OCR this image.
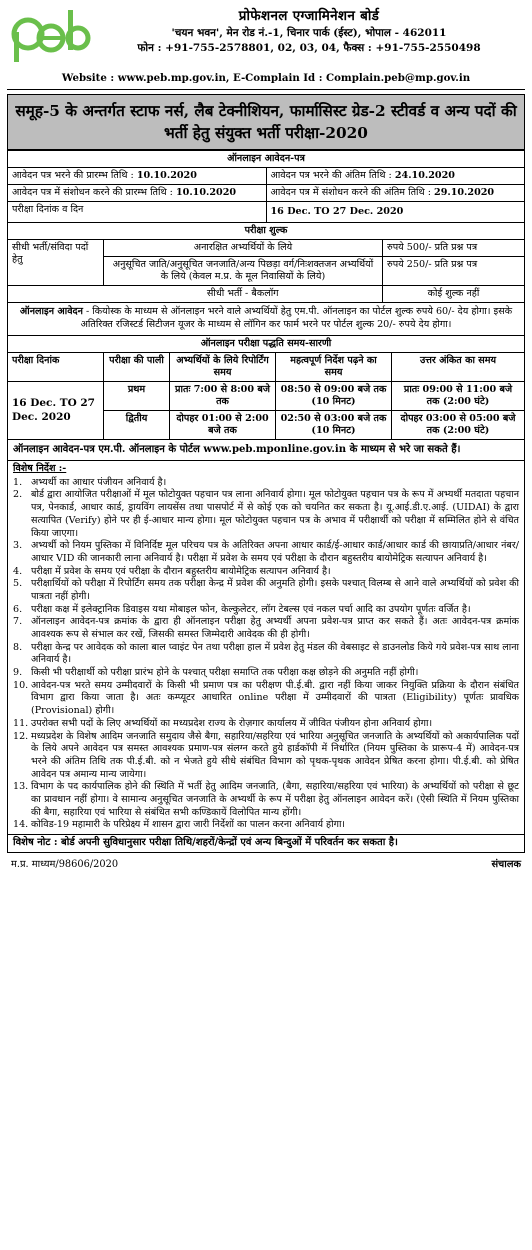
प्रोफेशनल एग्जामिनेशन बोर्ड
'चयन भवन', मेन रोड नं.-1, चिनार पार्क (ईस्ट), भोपाल - 462011
फोन : +91-755-2578801, 02, 03, 04, फैक्स : +91-755-2550498
Website : www.peb.mp.gov.in, E-Complain Id : Complain.peb@mp.gov.in
समूह-5 के अन्तर्गत स्टाफ नर्स, लैब टेक्नीशियन, फार्मासिस्ट ग्रेड-2 स्टीवर्ड व अन्य पदों की भर्ती हेतु संयुक्त भर्ती परीक्षा-2020
ऑनलाइन आवेदन-पत्र	
आवेदन पत्र भरने की प्रारम्भ तिथि : 10.10.2020	आवेदन पत्र भरने की अंतिम तिथि : 24.10.2020
आवेदन पत्र में संशोधन करने की प्रारम्भ तिथि : 10.10.2020	आवेदन पत्र में संशोधन करने की अंतिम तिथि : 29.10.2020
परीक्षा दिनांक व दिन	16 Dec. TO 27 Dec. 2020
परीक्षा शुल्क		
सीधी भर्ती/संविदा पदों हेतु	अनारक्षित अभ्यर्थियों के लिये	रुपये 500/- प्रति प्रश्न पत्र
	अनुसूचित जाति/अनुसूचित जनजाति/अन्य पिछड़ा वर्ग/निःशक्तजन अभ्यर्थियों के लिये (केवल म.प्र. के मूल निवासियों के लिये)	रुपये 250/- प्रति प्रश्न पत्र
	सीधी भर्ती - बैकलॉग	कोई शुल्क नहीं
ऑनलाइन आवेदन - कियोस्क के माध्यम से ऑनलाइन भरने वाले अभ्यर्थियों हेतु एम.पी. ऑनलाइन का पोर्टल शुल्क रुपये 60/- देय होगा। इसके अतिरिक्त रजिस्टर्ड सिटीजन यूजर के माध्यम से लॉगिन कर फार्म भरने पर पोर्टल शुल्क 20/- रुपये देय होगा।
ऑनलाइन परीक्षा पद्धति समय-सारणी				
परीक्षा दिनांक	परीक्षा की पाली	अभ्यर्थियों के लिये रिपोर्टिंग समय	महत्वपूर्ण निर्देश पढ़ने का समय	उत्तर अंकित का समय
16 Dec. TO 27 Dec. 2020	प्रथम	प्रातः 7:00 से 8:00 बजे तक	08:50 से 09:00 बजे तक (10 मिनट)	प्रातः 09:00 से 11:00 बजे तक (2:00 घंटे)
	द्वितीय	दोपहर 01:00 से 2:00 बजे तक	02:50 से 03:00 बजे तक (10 मिनट)	दोपहर 03:00 से 05:00 बजे तक (2:00 घंटे)
ऑनलाइन आवेदन-पत्र एम.पी. ऑनलाइन के पोर्टल www.peb.mponline.gov.in के माध्यम से भरे जा सकते हैं।
विशेष निर्देश :-
1. अभ्यर्थी का आधार पंजीयन अनिवार्य है।
2. बोर्ड द्वारा आयोजित परीक्षाओं में मूल फोटोयुक्त पहचान पत्र लाना अनिवार्य होगा। मूल फोटोयुक्त पहचान पत्र के रूप में अभ्यर्थी मतदाता पहचान पत्र, पेनकार्ड, आधार कार्ड, ड्रायविंग लायसेंस तथा पासपोर्ट में से कोई एक को चयनित कर सकता है। यू.आई.डी.ए.आई. (UIDAI) के द्वारा सत्यापित (Verify) होने पर ही ई-आधार मान्य होगा। मूल फोटोयुक्त पहचान पत्र के अभाव में परीक्षार्थी को परीक्षा में सम्मिलित होने से वंचित किया जाएगा।
3. अभ्यर्थी को नियम पुस्तिका में विनिर्दिष्ट मूल परिचय पत्र के अतिरिक्त अपना आधार कार्ड/ई-आधार कार्ड/आधार कार्ड की छायाप्रति/आधार नंबर/आधार VID की जानकारी लाना अनिवार्य है। परीक्षा में प्रवेश के समय एवं परीक्षा के दौरान बहुस्तरीय बायोमेट्रिक सत्यापन अनिवार्य है।
4. परीक्षा में प्रवेश के समय एवं परीक्षा के दौरान बहुस्तरीय बायोमेट्रिक सत्यापन अनिवार्य है।
5. परीक्षार्थियों को परीक्षा में रिपोर्टिंग समय तक परीक्षा केन्द्र में प्रवेश की अनुमति होगी। इसके पश्चात् विलम्ब से आने वाले अभ्यर्थियों को प्रवेश की पात्रता नहीं होगी।
6. परीक्षा कक्ष में इलेक्ट्रानिक डिवाइस यथा मोबाइल फोन, केल्कुलेटर, लॉग टेबल्स एवं नकल पर्चा आदि का उपयोग पूर्णतः वर्जित है।
7. ऑनलाइन आवेदन-पत्र क्रमांक के द्वारा ही ऑनलाइन परीक्षा हेतु अभ्यर्थी अपना प्रवेश-पत्र प्राप्त कर सकते हैं। अतः आवेदन-पत्र क्रमांक आवश्यक रूप से संभाल कर रखें, जिसकी समस्त जिम्मेदारी आवेदक की ही होगी।
8. परीक्षा केन्द्र पर आवेदक को काला बाल प्वाइंट पेन तथा परीक्षा हाल में प्रवेश हेतु मंडल की वेबसाइट से डाउनलोड किये गये प्रवेश-पत्र साथ लाना अनिवार्य है।
9. किसी भी परीक्षार्थी को परीक्षा प्रारंभ होने के पश्चात् परीक्षा समाप्ति तक परीक्षा कक्ष छोड़ने की अनुमति नहीं होगी।
10. आवेदन-पत्र भरते समय उम्मीदवारों के किसी भी प्रमाण पत्र का परीक्षण पी.ई.बी. द्वारा नहीं किया जाकर नियुक्ति प्रक्रिया के दौरान संबंधित विभाग द्वारा किया जाता है। अतः कम्प्यूटर आधारित online परीक्षा में उम्मीदवारों की पात्रता (Eligibility) पूर्णतः प्रावधिक (Provisional) होगी।
11. उपरोक्त सभी पदों के लिए अभ्यर्थियों का मध्यप्रदेश राज्य के रोज़गार कार्यालय में जीवित पंजीयन होना अनिवार्य होगा।
12. मध्यप्रदेश के विशेष आदिम जनजाति समुदाय जैसे बैगा, सहारिया/सहरिया एवं भारिया अनुसूचित जनजाति के अभ्यर्थियों को अकार्यपालिक पदों के लिये अपने आवेदन पत्र समस्त आवश्यक प्रमाण-पत्र संलग्न करते हुये हार्डकॉपी में निर्धारित (नियम पुस्तिका के प्रारूप-4 में) आवेदन-पत्र भरने की अंतिम तिथि तक पी.ई.बी. को न भेजते हुये सीधे संबंधित विभाग को पृथक-पृथक आवेदन प्रेषित करना होगा। पी.ई.बी. को प्रेषित आवेदन पत्र अमान्य मान्य जायेगा।
13. विभाग के पद कार्यपालिक होने की स्थिति में भर्ती हेतु आदिम जनजाति, (बैगा, सहारिया/सहरिया एवं भारिया) के अभ्यर्थियों को परीक्षा से छूट का प्रावधान नहीं होगा। वे सामान्य अनुसूचित जनजाति के अभ्यर्थी के रूप में परीक्षा हेतु ऑनलाइन आवेदन करें। (ऐसी स्थिति में नियम पुस्तिका की बैगा, सहारिया एवं भारिया से संबंधित सभी कण्डिकायें विलोपित मान्य होंगी।
14. कोविड-19 महामारी के परिप्रेक्ष्य में शासन द्वारा जारी निर्देशों का पालन करना अनिवार्य होगा।
विशेष नोट : बोर्ड अपनी सुविधानुसार परीक्षा तिथि/शहरों/केन्द्रों एवं अन्य बिन्दुओं में परिवर्तन कर सकता है।
म.प्र. माध्यम/98606/2020	संचालक
